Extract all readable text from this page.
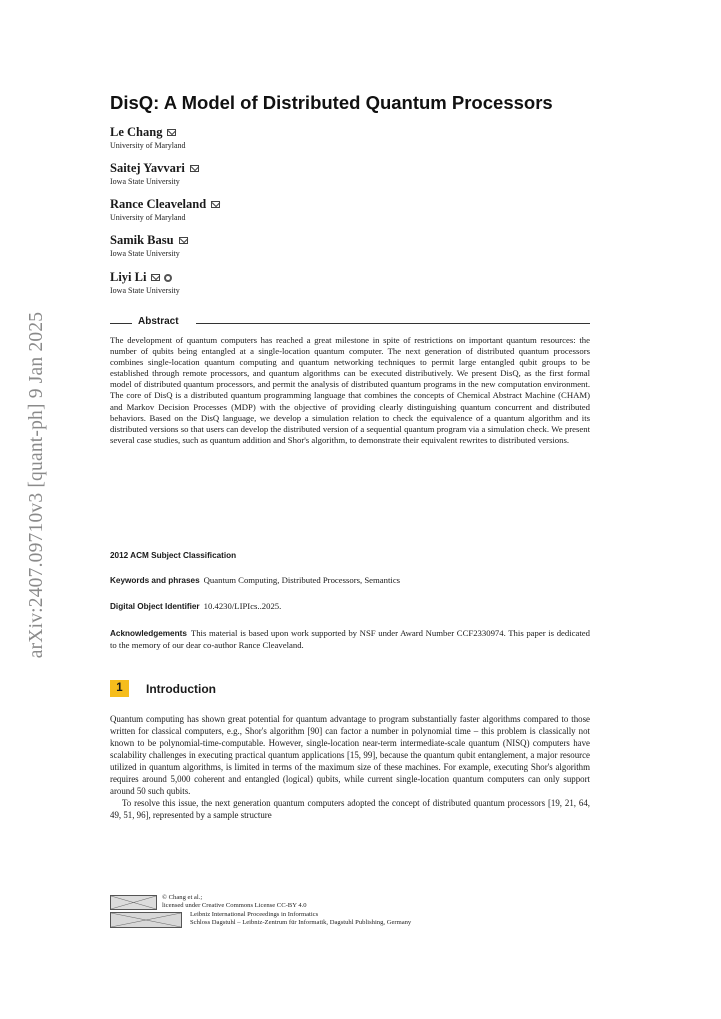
arXiv:2407.09710v3 [quant-ph] 9 Jan 2025
DisQ: A Model of Distributed Quantum Processors
Le Chang
University of Maryland
Saitej Yavvari
Iowa State University
Rance Cleaveland
University of Maryland
Samik Basu
Iowa State University
Liyi Li
Iowa State University
Abstract

The development of quantum computers has reached a great milestone in spite of restrictions on important quantum resources: the number of qubits being entangled at a single-location quantum computer. The next generation of distributed quantum processors combines single-location quantum computing and quantum networking techniques to permit large entangled qubit groups to be established through remote processors, and quantum algorithms can be executed distributively. We present DisQ, as the first formal model of distributed quantum processors, and permit the analysis of distributed quantum programs in the new computation environment. The core of DisQ is a distributed quantum programming language that combines the concepts of Chemical Abstract Machine (CHAM) and Markov Decision Processes (MDP) with the objective of providing clearly distinguishing quantum concurrent and distributed behaviors. Based on the DisQ language, we develop a simulation relation to check the equivalence of a quantum algorithm and its distributed versions so that users can develop the distributed version of a sequential quantum program via a simulation check. We present several case studies, such as quantum addition and Shor's algorithm, to demonstrate their equivalent rewrites to distributed versions.

2012 ACM Subject Classification

Keywords and phrases Quantum Computing, Distributed Processors, Semantics

Digital Object Identifier 10.4230/LIPIcs..2025.

Acknowledgements This material is based upon work supported by NSF under Award Number CCF2330974. This paper is dedicated to the memory of our dear co-author Rance Cleaveland.

1	Introduction

Quantum computing has shown great potential for quantum advantage to program substantially faster algorithms compared to those written for classical computers, e.g., Shor's algorithm [90] can factor a number in polynomial time – this problem is classically not known to be polynomial-time-computable. However, single-location near-term intermediate-scale quantum (NISQ) computers have scalability challenges in executing practical quantum applications [15, 99], because the quantum qubit entanglement, a major resource utilized in quantum algorithms, is limited in terms of the maximum size of these machines. For example, executing Shor's algorithm requires around 5,000 coherent and entangled (logical) qubits, while current single-location quantum computers can only support around 50 such qubits.

To resolve this issue, the next generation quantum computers adopted the concept of distributed quantum processors [19, 21, 64, 49, 51, 96], represented by a sample structure

© Chang et al.;
licensed under Creative Commons License CC-BY 4.0
Leibniz International Proceedings in Informatics
Schloss Dagstuhl – Leibniz-Zentrum für Informatik, Dagstuhl Publishing, Germany
